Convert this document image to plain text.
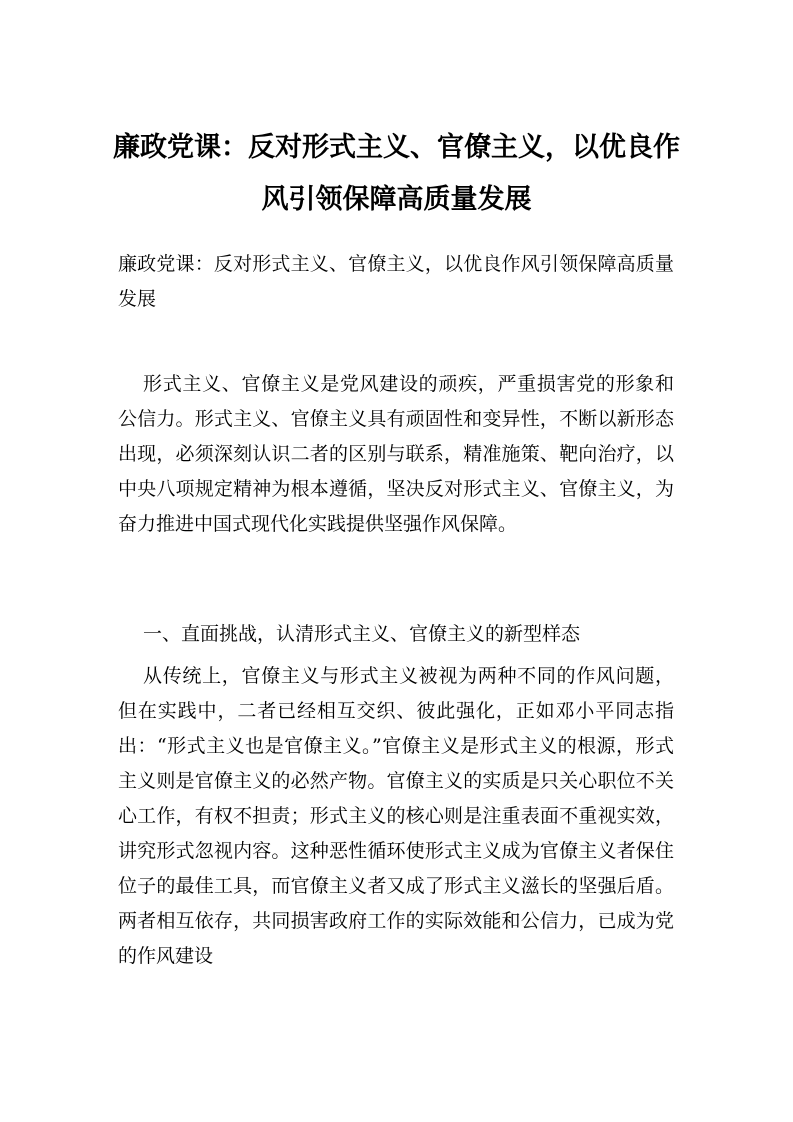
廉政党课：反对形式主义、官僚主义，以优良作风引领保障高质量发展

廉政党课：反对形式主义、官僚主义，以优良作风引领保障高质量发展

形式主义、官僚主义是党风建设的顽疾，严重损害党的形象和公信力。形式主义、官僚主义具有顽固性和变异性，不断以新形态出现，必须深刻认识二者的区别与联系，精准施策、靶向治疗，以中央八项规定精神为根本遵循，坚决反对形式主义、官僚主义，为奋力推进中国式现代化实践提供坚强作风保障。

一、直面挑战，认清形式主义、官僚主义的新型样态

从传统上，官僚主义与形式主义被视为两种不同的作风问题，但在实践中，二者已经相互交织、彼此强化，正如邓小平同志指出：“形式主义也是官僚主义。”官僚主义是形式主义的根源，形式主义则是官僚主义的必然产物。官僚主义的实质是只关心职位不关心工作，有权不担责；形式主义的核心则是注重表面不重视实效，讲究形式忽视内容。这种恶性循环使形式主义成为官僚主义者保住位子的最佳工具，而官僚主义者又成了形式主义滋长的坚强后盾。两者相互依存，共同损害政府工作的实际效能和公信力，已成为党的作风建设
